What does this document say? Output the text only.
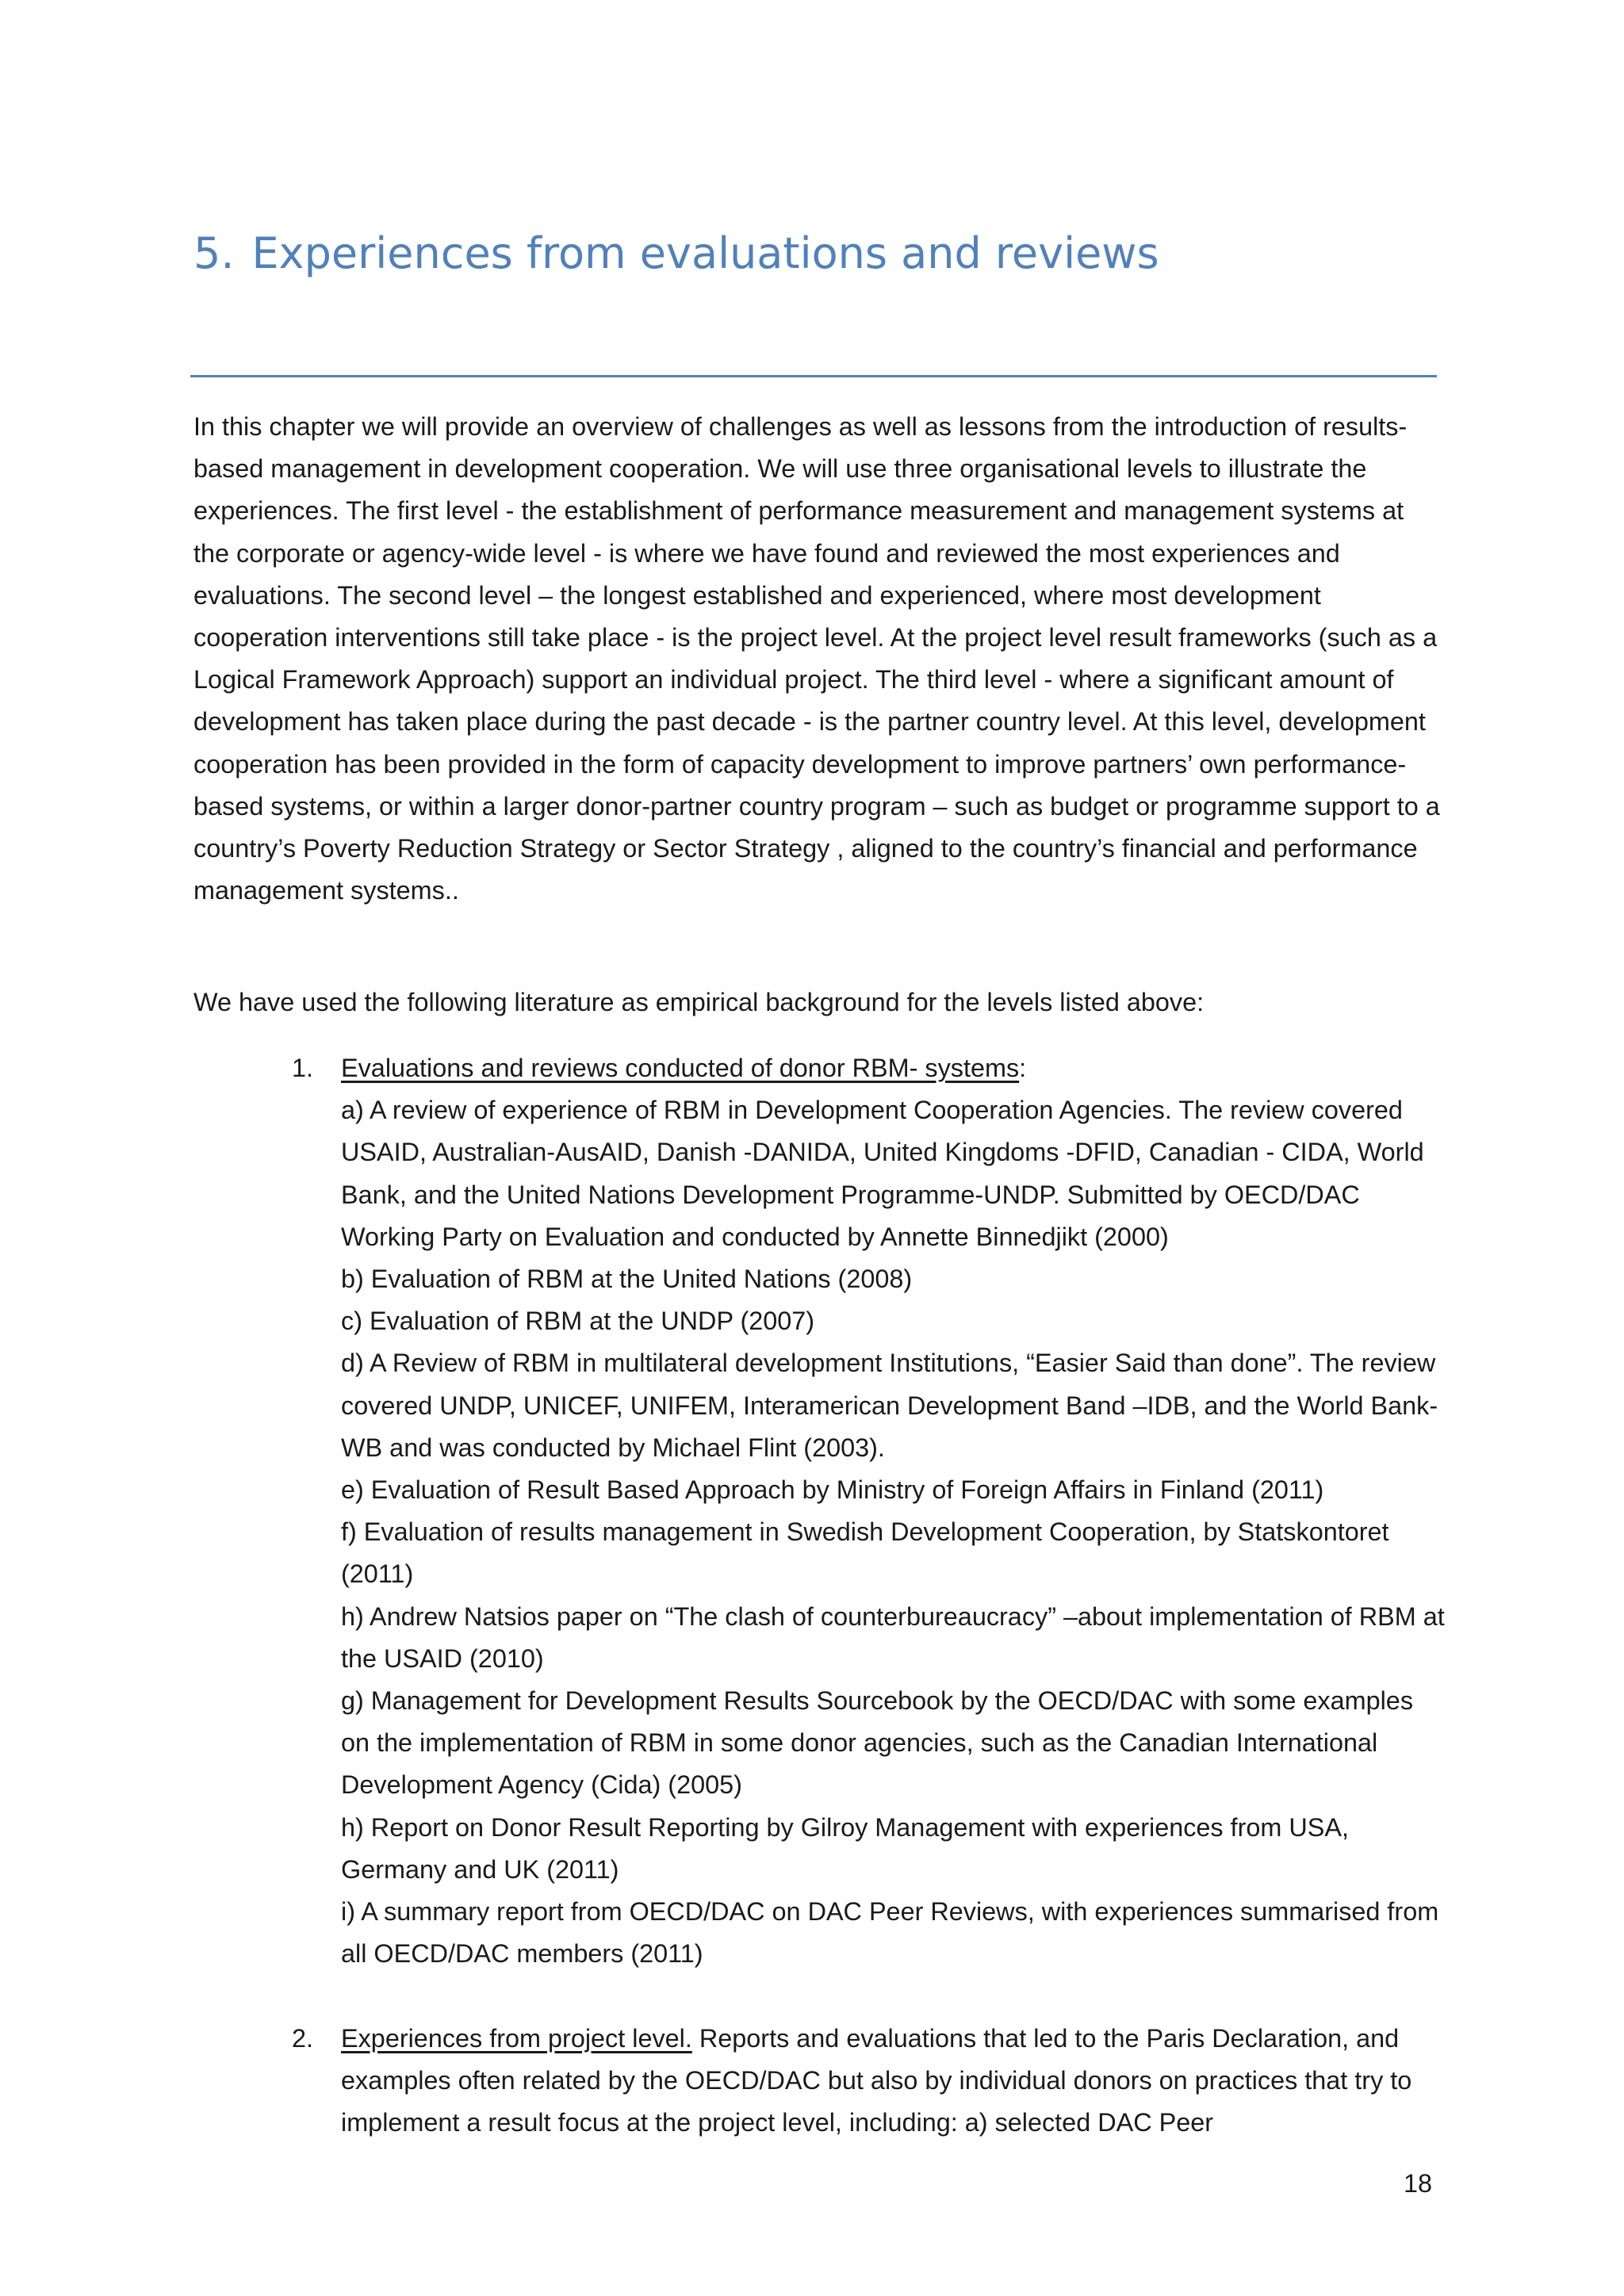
5. Experiences from evaluations and reviews

In this chapter we will provide an overview of challenges as well as lessons from the introduction of results-based management in development cooperation. We will use three organisational levels to illustrate the experiences. The first level - the establishment of performance measurement and management systems at the corporate or agency-wide level - is where we have found and reviewed the most experiences and evaluations. The second level – the longest established and experienced, where most development cooperation interventions still take place - is the project level. At the project level result frameworks (such as a Logical Framework Approach) support an individual project. The third level - where a significant amount of development has taken place during the past decade - is the partner country level. At this level, development cooperation has been provided in the form of capacity development to improve partners’ own performance-based systems, or within a larger donor-partner country program – such as budget or programme support to a country’s Poverty Reduction Strategy or Sector Strategy , aligned to the country’s financial and performance management systems..

We have used the following literature as empirical background for the levels listed above:

1. Evaluations and reviews conducted of donor RBM- systems:
a) A review of experience of RBM in Development Cooperation Agencies. The review covered USAID, Australian-AusAID, Danish -DANIDA, United Kingdoms -DFID, Canadian - CIDA, World Bank, and the United Nations Development Programme-UNDP. Submitted by OECD/DAC Working Party on Evaluation and conducted by Annette Binnedjikt (2000)
b) Evaluation of RBM at the United Nations (2008)
c) Evaluation of RBM at the UNDP (2007)
d) A Review of RBM in multilateral development Institutions, “Easier Said than done”. The review covered UNDP, UNICEF, UNIFEM, Interamerican Development Band –IDB, and the World Bank- WB and was conducted by Michael Flint (2003).
e) Evaluation of Result Based Approach by Ministry of Foreign Affairs in Finland (2011)
f) Evaluation of results management in Swedish Development Cooperation, by Statskontoret (2011)
h) Andrew Natsios paper on “The clash of counterbureaucracy” –about implementation of RBM at the USAID (2010)
g) Management for Development Results Sourcebook by the OECD/DAC with some examples on the implementation of RBM in some donor agencies, such as the Canadian International Development Agency (Cida) (2005)
h) Report on Donor Result Reporting by Gilroy Management with experiences from USA, Germany and UK (2011)
i) A summary report from OECD/DAC on DAC Peer Reviews, with experiences summarised from all OECD/DAC members (2011)
2. Experiences from project level. Reports and evaluations that led to the Paris Declaration, and examples often related by the OECD/DAC but also by individual donors on practices that try to implement a result focus at the project level, including: a) selected DAC Peer
18
